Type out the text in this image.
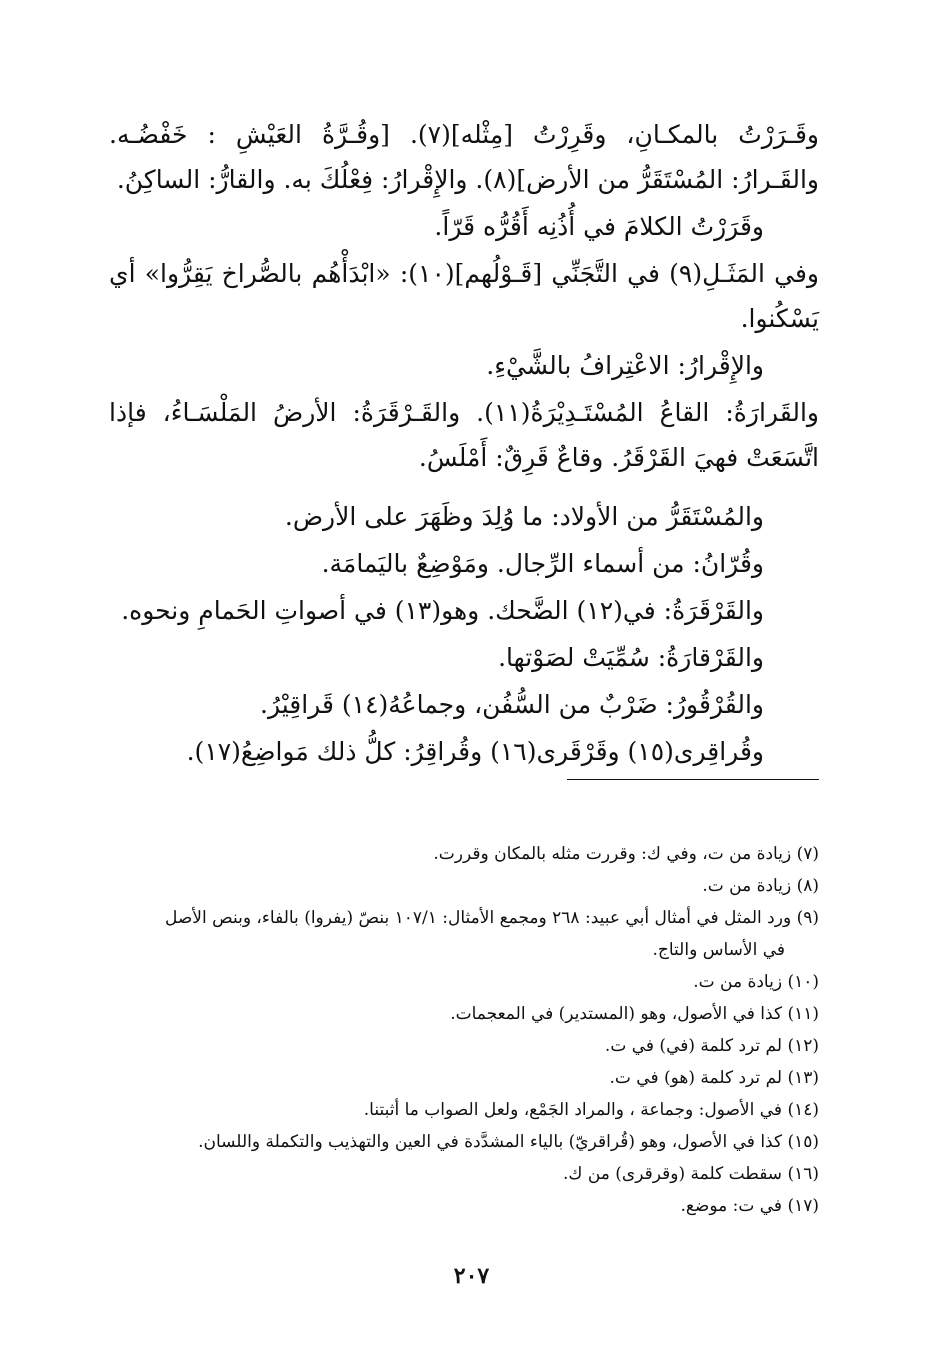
وقَـرَرْتُ بالمكـانِ، وقَرِرْتُ [مِثْله](٧). [وقُـرَّةُ العَيْشِ : خَفْضُـه. والقَـرارُ: المُسْتَقَرُّ من الأرض](٨). والإِقْرارُ: فِعْلُكَ به. والقارُّ: الساكِنُ.

وقَرَرْتُ الكلامَ في أُذُنِه أَقُرُّه قَرّاً.

وفي المَثَـلِ(٩) في التَّجَنِّي [قَـوْلُهم](١٠): «ابْدَأْهُم بالصُّراخ يَقِرُّوا» أي يَسْكُنوا.

والإِقْرارُ: الاعْتِرافُ بالشَّيْءِ.

والقَرارَةُ: القاعُ المُسْتَـدِيْرَةُ(١١). والقَـرْقَرَةُ: الأرضُ المَلْسَـاءُ، فإذا اتَّسَعَتْ فهيَ القَرْقَرُ. وقاعٌ قَرِقٌ: أَمْلَسُ.

والمُسْتَقَرُّ من الأولاد: ما وُلِدَ وظَهَرَ على الأرض.

وقُرّانُ: من أسماء الرِّجال. ومَوْضِعٌ باليَمامَة.

والقَرْقَرَةُ: في(١٢) الضَّحك. وهو(١٣) في أصواتِ الحَمامِ ونحوه.

والقَرْقارَةُ: سُمِّيَتْ لصَوْتها.

والقُرْقُورُ: ضَرْبٌ من السُّفُن، وجماعُهُ(١٤) قَراقِيْرُ.

وقُراقِرى(١٥) وقَرْقَرى(١٦) وقُراقِرُ: كلُّ ذلك مَواضِعُ(١٧).

(٧) زيادة من ت، وفي ك: وقررت مثله بالمكان وقررت.

(٨) زيادة من ت.

(٩) ورد المثل في أمثال أبي عبيد: ٢٦٨ ومجمع الأمثال: ١٠٧/١ بنصّ (يفروا) بالفاء، وبنص الأصل

في الأساس والتاج.

(١٠) زيادة من ت.

(١١) كذا في الأصول، وهو (المستدير) في المعجمات.

(١٢) لم ترد كلمة (في) في ت.

(١٣) لم ترد كلمة (هو) في ت.

(١٤) في الأصول: وجماعة ، والمراد الجَمْع، ولعل الصواب ما أثبتنا.

(١٥) كذا في الأصول، وهو (قُراقريّ) بالياء المشدَّدة في العين والتهذيب والتكملة واللسان.

(١٦) سقطت كلمة (وقرقرى) من ك.

(١٧) في ت: موضع.

٢٠٧
